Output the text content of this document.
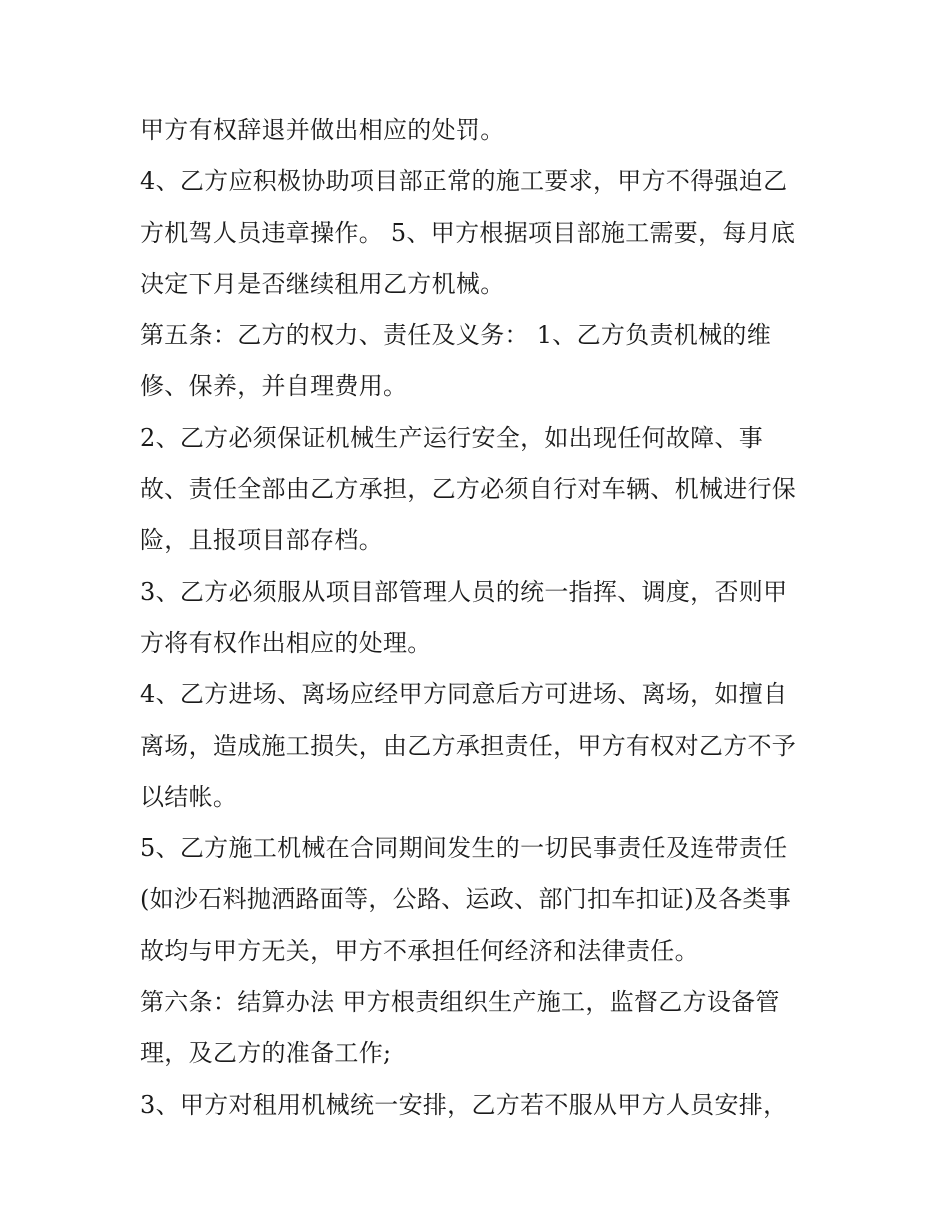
甲方有权辞退并做出相应的处罚。
4、乙方应积极协助项目部正常的施工要求，甲方不得强迫乙
方机驾人员违章操作。 5、甲方根据项目部施工需要，每月底
决定下月是否继续租用乙方机械。
第五条：乙方的权力、责任及义务： 1、乙方负责机械的维
修、保养，并自理费用。
2、乙方必须保证机械生产运行安全，如出现任何故障、事
故、责任全部由乙方承担，乙方必须自行对车辆、机械进行保
险，且报项目部存档。
3、乙方必须服从项目部管理人员的统一指挥、调度，否则甲
方将有权作出相应的处理。
4、乙方进场、离场应经甲方同意后方可进场、离场，如擅自
离场，造成施工损失，由乙方承担责任，甲方有权对乙方不予
以结帐。
5、乙方施工机械在合同期间发生的一切民事责任及连带责任
(如沙石料抛洒路面等，公路、运政、部门扣车扣证)及各类事
故均与甲方无关，甲方不承担任何经济和法律责任。
第六条：结算办法 甲方根责组织生产施工，监督乙方设备管
理，及乙方的准备工作;
3、甲方对租用机械统一安排，乙方若不服从甲方人员安排，
